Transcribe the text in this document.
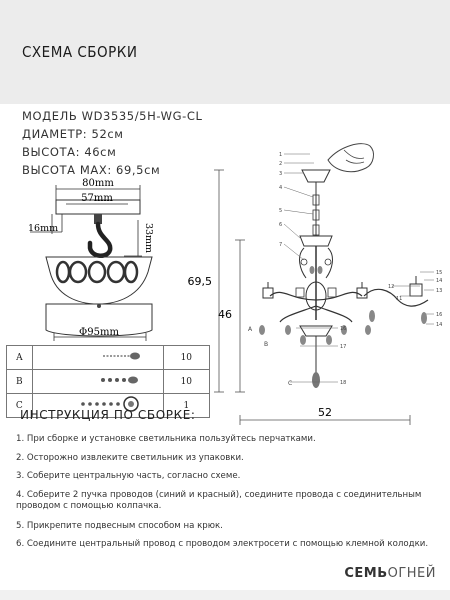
СХЕМА СБОРКИ
МОДЕЛЬ WD3535/5H-WG-CL
ДИАМЕТР: 52см
ВЫСОТА: 46см
ВЫСОТА MAX: 69,5см
80mm
57mm
16mm	33mm
Φ95mm
69,5
46
52
1
2
3
4
5
6
7
16
17
18
A
B
C
12
11
15
14
13
16
14
A		10
B		10
C		1
ИНСТРУКЦИЯ ПО СБОРКЕ:
1. При сборке и установке светильника пользуйтесь перчатками.
2. Осторожно извлеките светильник из упаковки.
3. Соберите центральную часть, согласно схеме.
4. Соберите 2 пучка проводов (синий и красный), соедините провода с соединительным проводом с помощью колпачка.
5. Прикрепите подвесным способом на крюк.
6. Соедините центральный провод с проводом электросети с помощью клемной колодки.
СЕМЬОГНЕЙ
